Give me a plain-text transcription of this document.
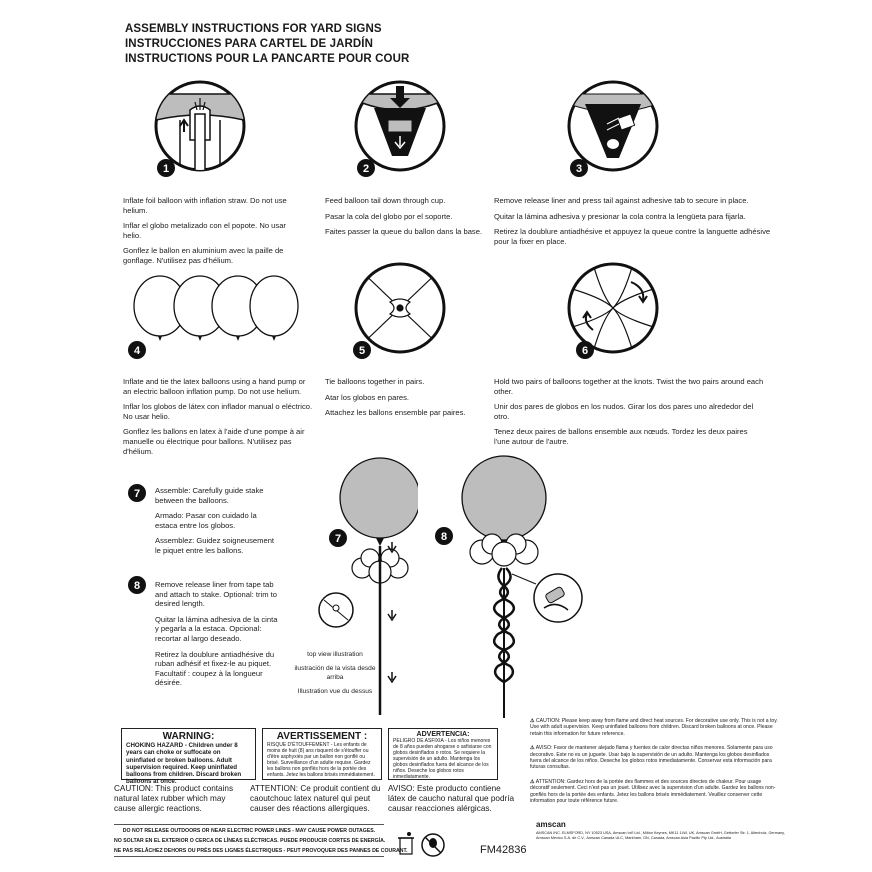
ASSEMBLY INSTRUCTIONS FOR YARD SIGNS
INSTRUCCIONES PARA CARTEL DE JARDÍN
INSTRUCTIONS POUR LA PANCARTE POUR COUR
1	2	3

Inflate foil balloon with inflation straw. Do not use helium.

Inflar el globo metalizado con el popote. No usar helio.

Gonflez le ballon en aluminium avec la paille de gonflage. N'utilisez pas d'hélium.

Feed balloon tail down through cup.

Pasar la cola del globo por el soporte.

Faites passer la queue du ballon dans la base.

Remove release liner and press tail against adhesive tab to secure in place.

Quitar la lámina adhesiva y presionar la cola contra la lengüeta para fijarla.

Retirez la doublure antiadhésive et appuyez la queue contre la languette adhésive pour la fixer en place.

4	5	6

Inflate and tie the latex balloons using a hand pump or an electric balloon inflation pump. Do not use helium.

Inflar los globos de látex con inflador manual o eléctrico. No usar helio.

Gonflez les ballons en latex à l'aide d'une pompe à air manuelle ou électrique pour ballons. N'utilisez pas d'hélium.

Tie balloons together in pairs.

Atar los globos en pares.

Attachez les ballons ensemble par paires.

Hold two pairs of balloons together at the knots. Twist the two pairs around each other.

Unir dos pares de globos en los nudos. Girar los dos pares uno alrededor del otro.

Tenez deux paires de ballons ensemble aux nœuds. Tordez les deux paires l'une autour de l'autre.

7 Assemble: Carefully guide stake between the balloons.

Armado: Pasar con cuidado la estaca entre los globos.

Assemblez: Guidez soigneusement le piquet entre les ballons.

8 Remove release liner from tape tab and attach to stake. Optional: trim to desired length.

Quitar la lámina adhesiva de la cinta y pegarla a la estaca. Opcional: recortar al largo deseado.

Retirez la doublure antiadhésive du ruban adhésif et fixez-le au piquet. Facultatif : coupez à la longueur désirée.

7

top view illustration

ilustración de la vista desde arriba

Illustration vue du dessus

8
WARNING:
CHOKING HAZARD - Children under 8 years can choke or suffocate on uninflated or broken balloons. Adult supervision required. Keep uninflated balloons from children. Discard broken balloons at once.
AVERTISSEMENT :
RISQUE D'ÉTOUFFEMENT - Les enfants de moins de huit (8) ans risquent de s'étouffer ou d'être asphyxiés par un ballon non gonflé ou brisé. Surveillance d'un adulte requise. Gardez les ballons non gonflés hors de la portée des enfants. Jetez les ballons brisés immédiatement.
ADVERTENCIA:
PELIGRO DE ASFIXIA - Los niños menores de 8 años pueden ahogarse o asfixiarse con globos desinflados o rotos. Se requiere la supervisión de un adulto. Mantenga los globos desinflados fuera del alcance de los niños. Deseche los globos rotos inmediatamente.
CAUTION: This product contains natural latex rubber which may cause allergic reactions.
ATTENTION: Ce produit contient du caoutchouc latex naturel qui peut causer des réactions allergiques.
AVISO: Este producto contiene látex de caucho natural que podría causar reacciones alérgicas.

⚠ CAUTION: Please keep away from flame and direct heat sources. For decorative use only. This is not a toy. Use with adult supervision. Keep uninflated balloons from children. Discard broken balloons at once. Please retain this information for future reference.

⚠ AVISO: Favor de mantener alejado flama y fuentes de calor directas niños menores. Solamente para uso decorativo. Este no es un juguete. Usar bajo la supervisión de un adulto. Mantenga los globos desinflados fuera del alcance de los niños. Deseche los globos rotos inmediatamente. Conservar esta información para futuras consultas.

⚠ ATTENTION: Gardez hors de la portée des flammes et des sources directes de chaleur. Pour usage décoratif seulement. Ceci n'est pas un jouet. Utilisez avec la supervision d'un adulte. Gardez les ballons non-gonflés hors de la portée des enfants. Jetez les ballons brisés immédiatement. Veuillez conserver cette information pour toute référence future.

DO NOT RELEASE OUTDOORS OR NEAR ELECTRIC POWER LINES - MAY CAUSE POWER OUTAGES.
NO SOLTAR EN EL EXTERIOR O CERCA DE LÍNEAS ELÉCTRICAS. PUEDE PRODUCIR CORTES DE ENERGÍA.
NE PAS RELÂCHEZ DEHORS OU PRÈS DES LIGNES ÉLECTRIQUES - PEUT PROVOQUER DES PANNES DE COURANT.	FM42836
amscan
AMSCAN INC. ELMSFORD, NY 10523 USA, Amscan Int'l Ltd., Milton Keynes, MK11 1LW, UK, Amscan GmbH, Gettorfer Str. 1, Altenholz, Germany, Amscan Mexico S.A. de C.V., Amscan Canada ULC, Markham, ON, Canada, Amscan Asia Pacific Pty Ltd., Australia
